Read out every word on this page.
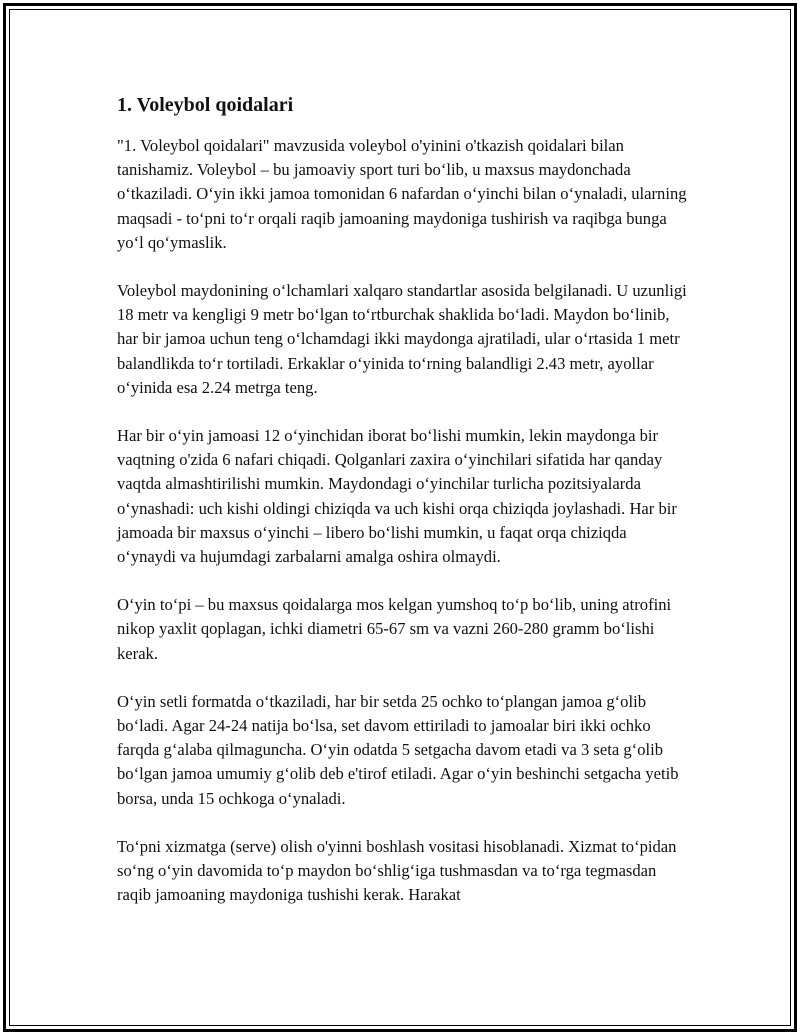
1. Voleybol qoidalari

"1. Voleybol qoidalari" mavzusida voleybol o'yinini o'tkazish qoidalari bilan tanishamiz. Voleybol – bu jamoaviy sport turi bo‘lib, u maxsus maydonchada o‘tkaziladi. O‘yin ikki jamoa tomonidan 6 nafardan o‘yinchi bilan o‘ynaladi, ularning maqsadi - to‘pni to‘r orqali raqib jamoaning maydoniga tushirish va raqibga bunga yo‘l qo‘ymaslik.

Voleybol maydonining o‘lchamlari xalqaro standartlar asosida belgilanadi. U uzunligi 18 metr va kengligi 9 metr bo‘lgan to‘rtburchak shaklida bo‘ladi. Maydon bo‘linib, har bir jamoa uchun teng o‘lchamdagi ikki maydonga ajratiladi, ular o‘rtasida 1 metr balandlikda to‘r tortiladi. Erkaklar o‘yinida to‘rning balandligi 2.43 metr, ayollar o‘yinida esa 2.24 metrga teng.

Har bir o‘yin jamoasi 12 o‘yinchidan iborat bo‘lishi mumkin, lekin maydonga bir vaqtning o'zida 6 nafari chiqadi. Qolganlari zaxira o‘yinchilari sifatida har qanday vaqtda almashtirilishi mumkin. Maydondagi o‘yinchilar turlicha pozitsiyalarda o‘ynashadi: uch kishi oldingi chiziqda va uch kishi orqa chiziqda joylashadi. Har bir jamoada bir maxsus o‘yinchi – libero bo‘lishi mumkin, u faqat orqa chiziqda o‘ynaydi va hujumdagi zarbalarni amalga oshira olmaydi.

O‘yin to‘pi – bu maxsus qoidalarga mos kelgan yumshoq to‘p bo‘lib, uning atrofini nikop yaxlit qoplagan, ichki diametri 65-67 sm va vazni 260-280 gramm bo‘lishi kerak.

O‘yin setli formatda o‘tkaziladi, har bir setda 25 ochko to‘plangan jamoa g‘olib bo‘ladi. Agar 24-24 natija bo‘lsa, set davom ettiriladi to jamoalar biri ikki ochko farqda g‘alaba qilmaguncha. O‘yin odatda 5 setgacha davom etadi va 3 seta g‘olib bo‘lgan jamoa umumiy g‘olib deb e'tirof etiladi. Agar o‘yin beshinchi setgacha yetib borsa, unda 15 ochkoga o‘ynaladi.

To‘pni xizmatga (serve) olish o'yinni boshlash vositasi hisoblanadi. Xizmat to‘pidan so‘ng o‘yin davomida to‘p maydon bo‘shlig‘iga tushmasdan va to‘rga tegmasdan raqib jamoaning maydoniga tushishi kerak. Harakat
